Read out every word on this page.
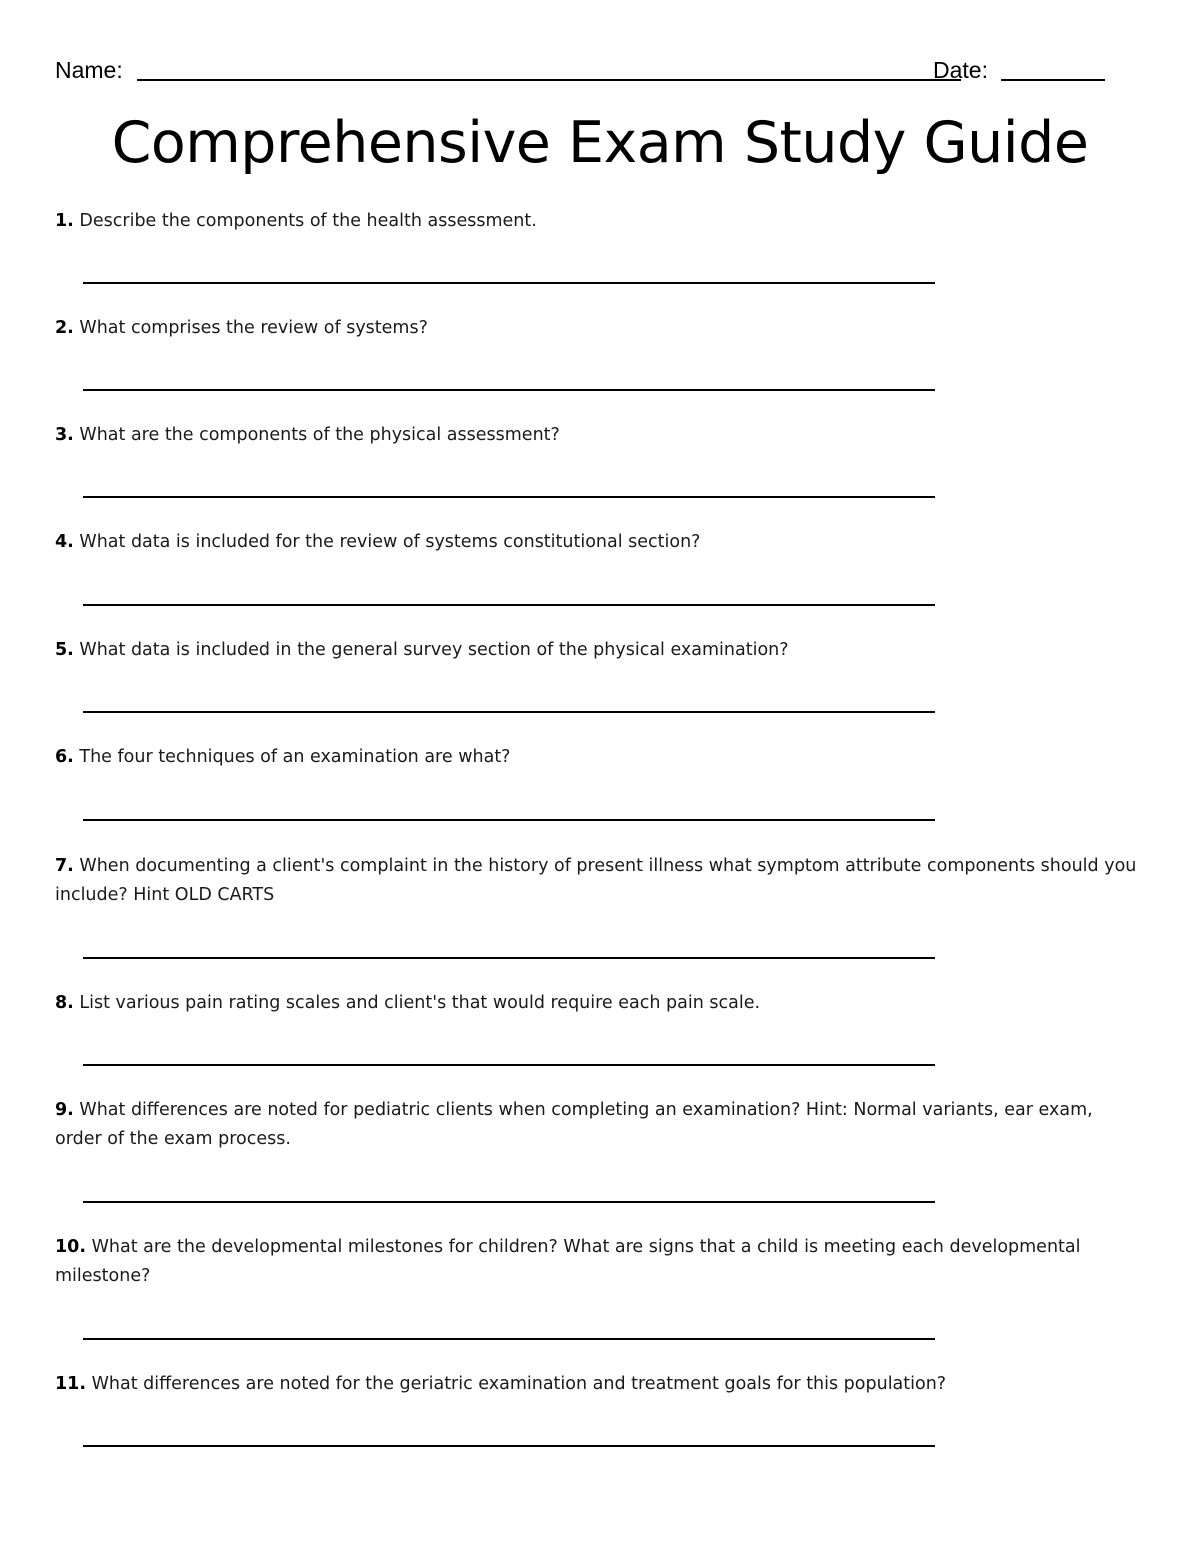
Name:	Date:
Comprehensive Exam Study Guide
1. Describe the components of the health assessment.
2. What comprises the review of systems?
3. What are the components of the physical assessment?
4. What data is included for the review of systems constitutional section?
5. What data is included in the general survey section of the physical examination?
6. The four techniques of an examination are what?
7. When documenting a client's complaint in the history of present illness what symptom attribute components should you include? Hint OLD CARTS
8. List various pain rating scales and client's that would require each pain scale.
9. What differences are noted for pediatric clients when completing an examination? Hint: Normal variants, ear exam, order of the exam process.
10. What are the developmental milestones for children? What are signs that a child is meeting each developmental milestone?
11. What differences are noted for the geriatric examination and treatment goals for this population?
